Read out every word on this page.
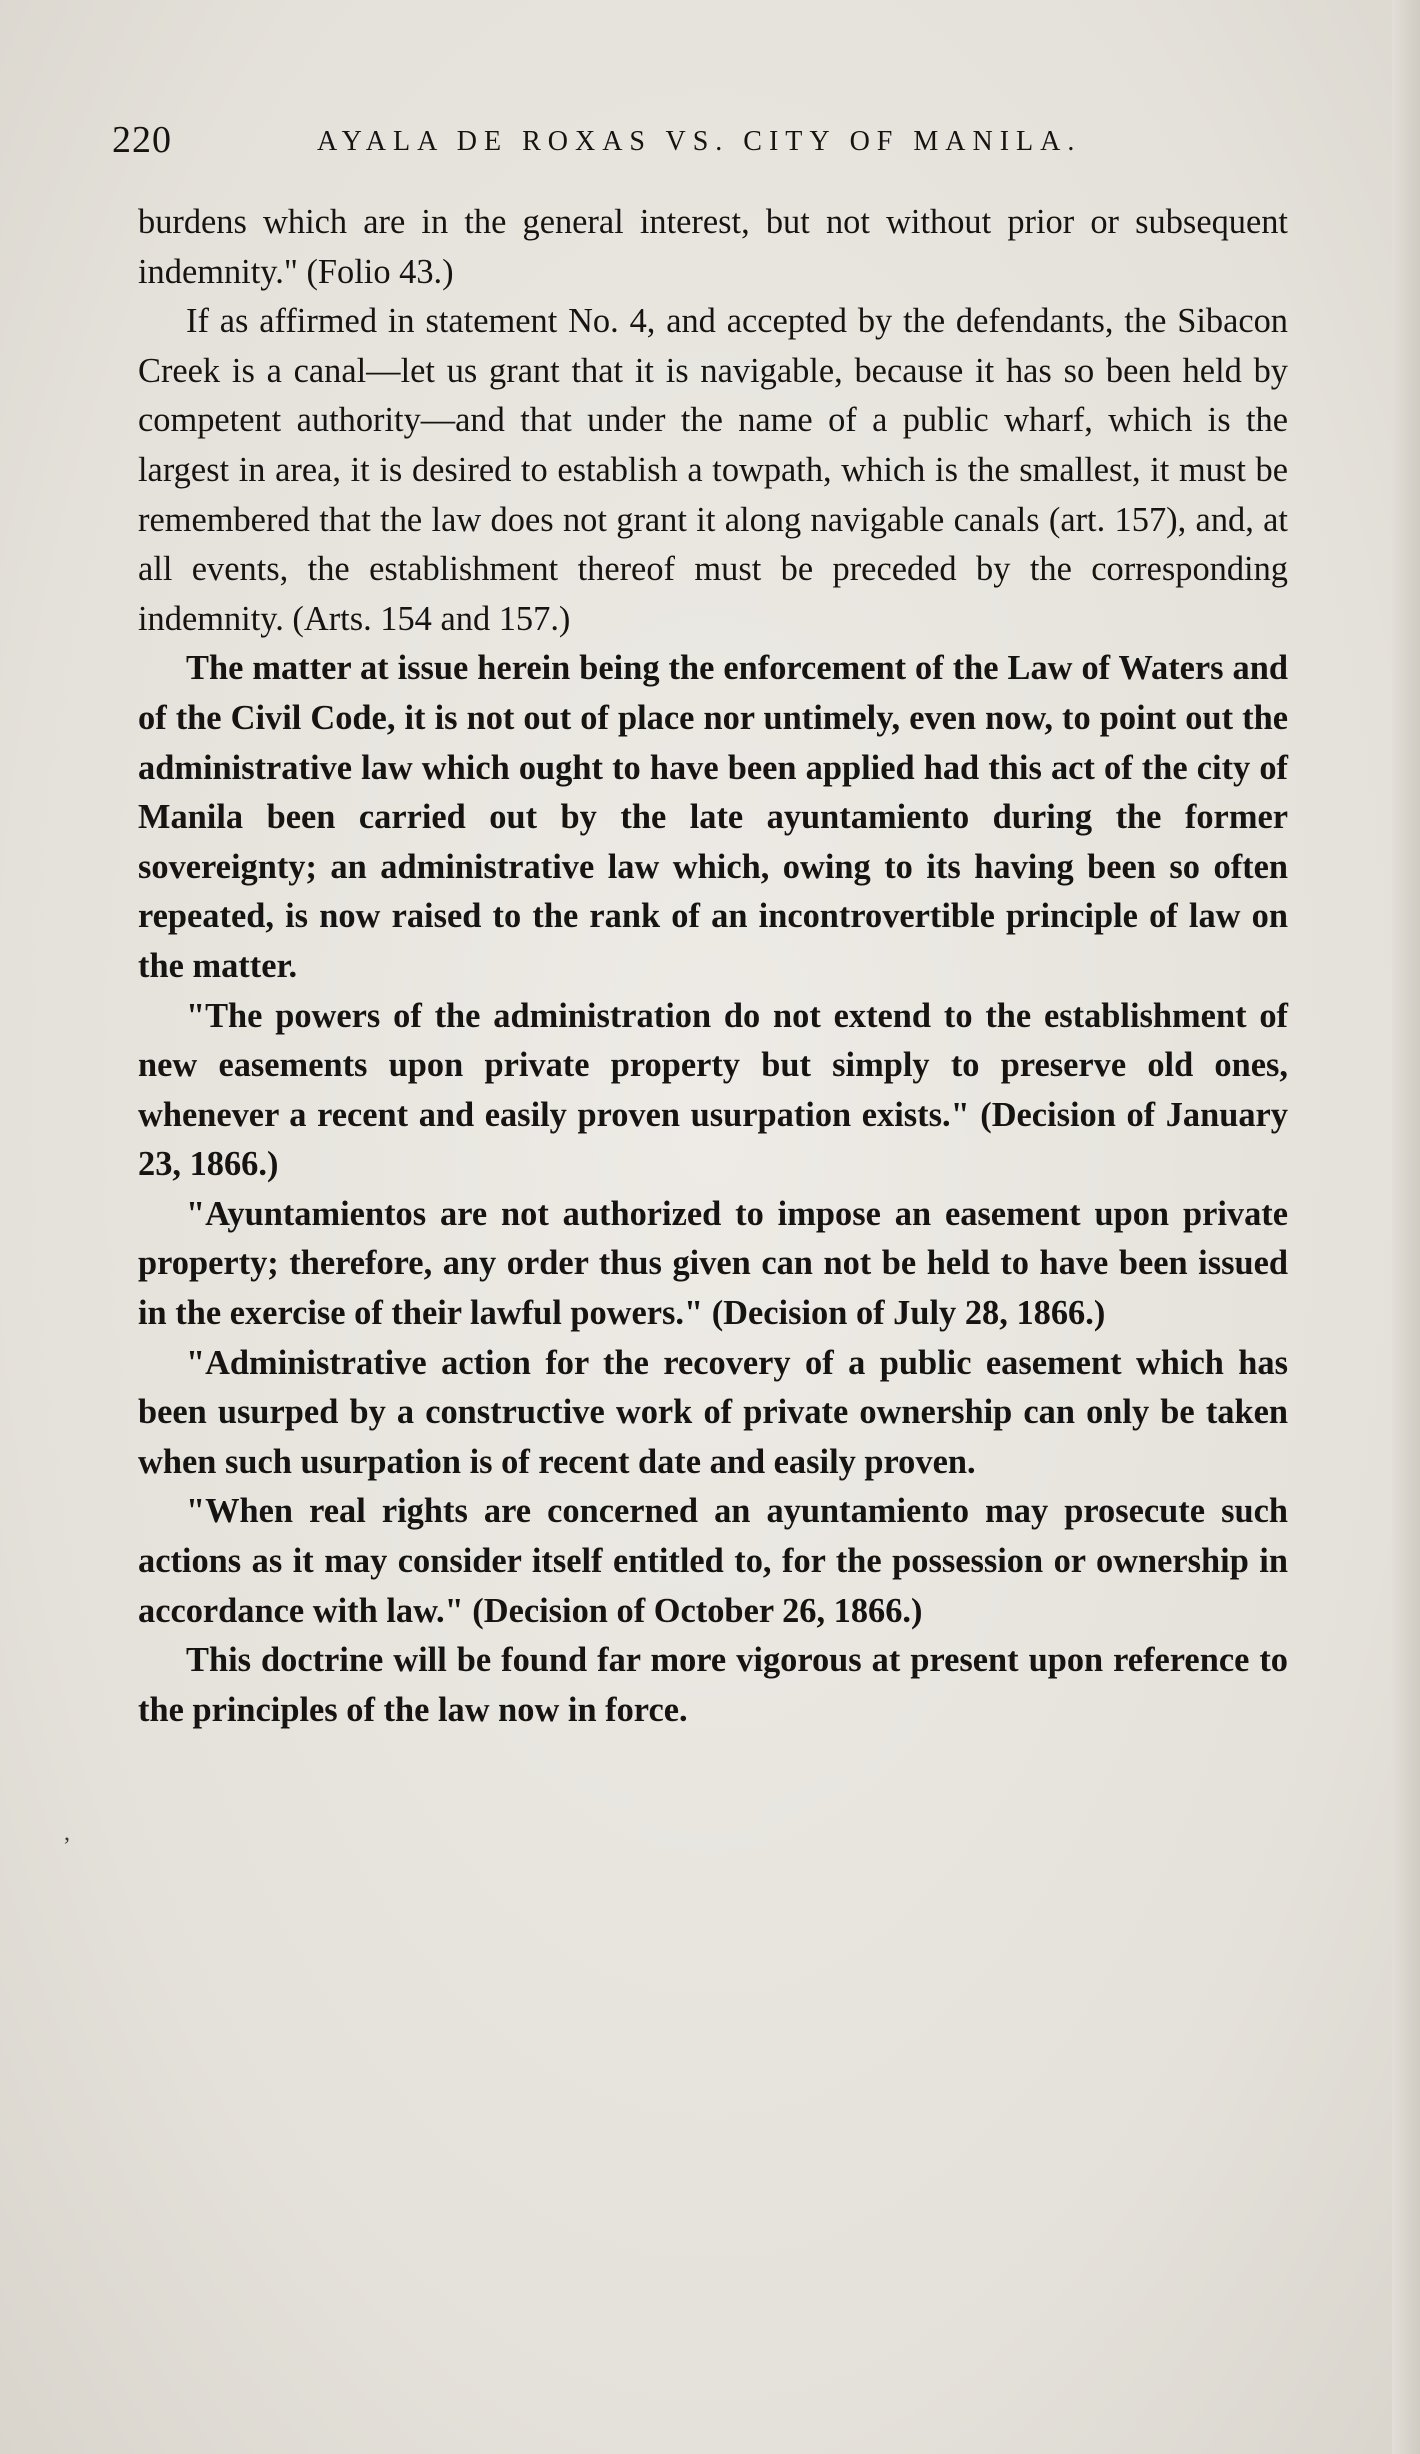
220	AYALA DE ROXAS VS. CITY OF MANILA.

burdens which are in the general interest, but not without prior or subsequent indemnity." (Folio 43.)

If as affirmed in statement No. 4, and accepted by the defendants, the Sibacon Creek is a canal—let us grant that it is navigable, because it has so been held by competent authority—and that under the name of a public wharf, which is the largest in area, it is desired to establish a towpath, which is the smallest, it must be remembered that the law does not grant it along navigable canals (art. 157), and, at all events, the establishment thereof must be preceded by the corresponding indemnity. (Arts. 154 and 157.)

The matter at issue herein being the enforcement of the Law of Waters and of the Civil Code, it is not out of place nor untimely, even now, to point out the administrative law which ought to have been applied had this act of the city of Manila been carried out by the late ayuntamiento during the former sovereignty; an administrative law which, owing to its having been so often repeated, is now raised to the rank of an incontrovertible principle of law on the matter.

"The powers of the administration do not extend to the establishment of new easements upon private property but simply to preserve old ones, whenever a recent and easily proven usurpation exists." (Decision of January 23, 1866.)

"Ayuntamientos are not authorized to impose an easement upon private property; therefore, any order thus given can not be held to have been issued in the exercise of their lawful powers." (Decision of July 28, 1866.)

"Administrative action for the recovery of a public easement which has been usurped by a constructive work of private ownership can only be taken when such usurpation is of recent date and easily proven.

"When real rights are concerned an ayuntamiento may prosecute such actions as it may consider itself entitled to, for the possession or ownership in accordance with law." (Decision of October 26, 1866.)

This doctrine will be found far more vigorous at present upon reference to the principles of the law now in force.

,
